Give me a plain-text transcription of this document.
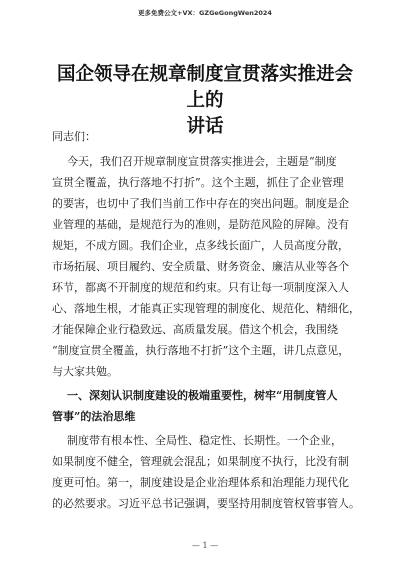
更多免费公文+VX：GZGeGongWen2024
国企领导在规章制度宣贯落实推进会上的
讲话
同志们：
今天，我们召开规章制度宣贯落实推进会，主题是“制度
宣贯全覆盖，执行落地不打折”。这个主题，抓住了企业管理
的要害，也切中了我们当前工作中存在的突出问题。制度是企
业管理的基础，是规范行为的准则，是防范风险的屏障。没有
规矩，不成方圆。我们企业，点多线长面广，人员高度分散，
市场拓展、项目履约、安全质量、财务资金、廉洁从业等各个
环节，都离不开制度的规范和约束。只有让每一项制度深入人
心、落地生根，才能真正实现管理的制度化、规范化、精细化，
才能保障企业行稳致远、高质量发展。借这个机会，我围绕
“制度宣贯全覆盖，执行落地不打折”这个主题，讲几点意见，
与大家共勉。
一、深刻认识制度建设的极端重要性，树牢“用制度管人
管事”的法治思维
制度带有根本性、全局性、稳定性、长期性。一个企业，
如果制度不健全，管理就会混乱；如果制度不执行，比没有制
度更可怕。第一，制度建设是企业治理体系和治理能力现代化
的必然要求。习近平总书记强调，要坚持用制度管权管事管人。
— 1 —
